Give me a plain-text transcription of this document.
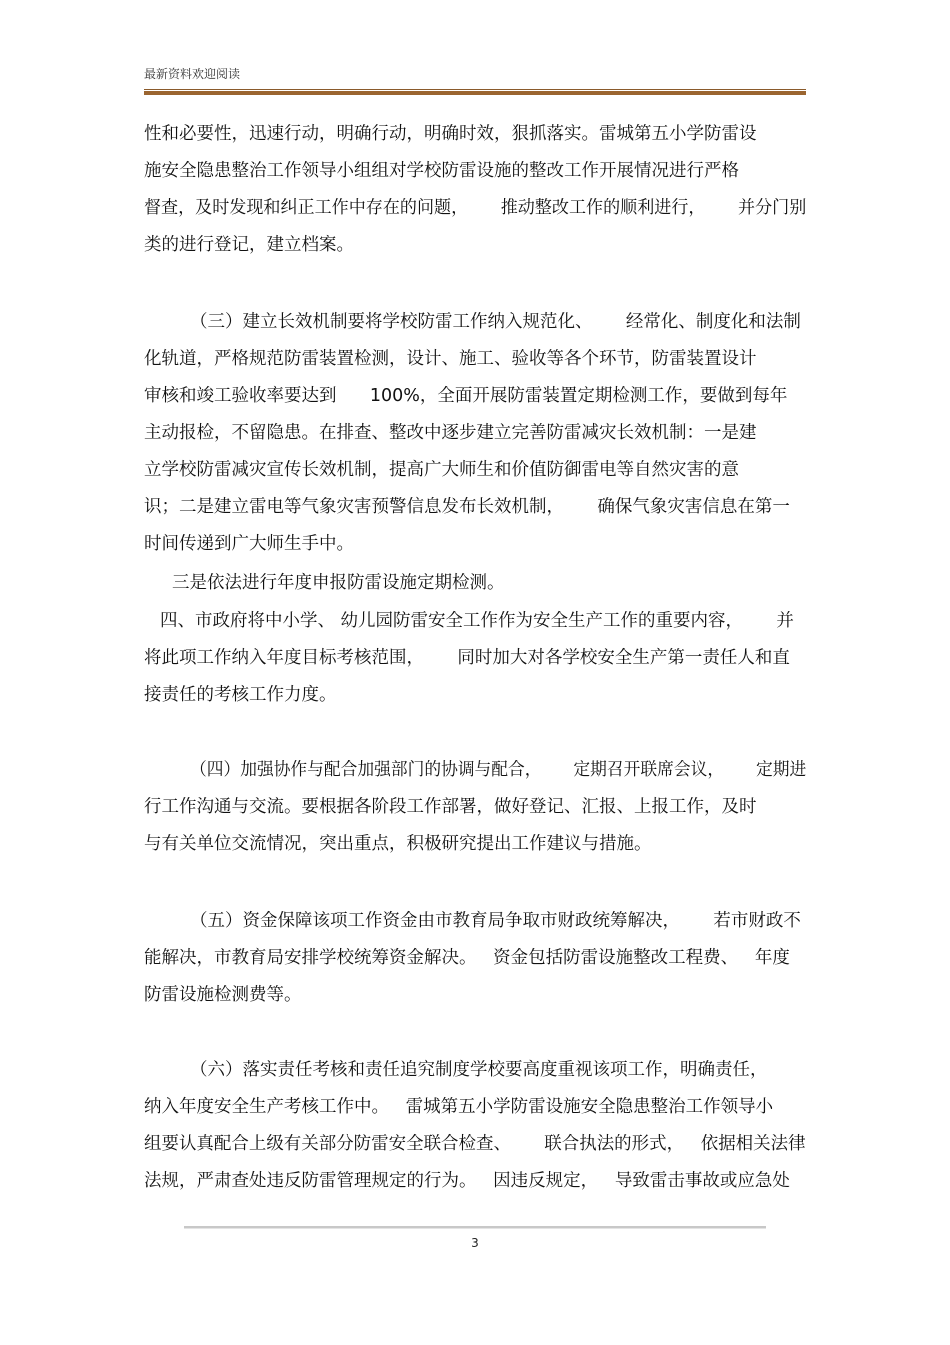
最新资料欢迎阅读
性和必要性，迅速行动，明确行动，明确时效，狠抓落实。雷城第五小学防雷设
施安全隐患整治工作领导小组组对学校防雷设施的整改工作开展情况进行严格
督查，及时发现和纠正工作中存在的问题，      推动整改工作的顺利进行，      并分门别
类的进行登记，建立档案。
（三）建立长效机制要将学校防雷工作纳入规范化、      经常化、制度化和法制
化轨道，严格规范防雷装置检测，设计、施工、验收等各个环节，防雷装置设计
审核和竣工验收率要达到      100%，全面开展防雷装置定期检测工作，要做到每年
主动报检，不留隐患。在排查、整改中逐步建立完善防雷减灾长效机制：一是建
立学校防雷减灾宣传长效机制，提高广大师生和价值防御雷电等自然灾害的意
识；二是建立雷电等气象灾害预警信息发布长效机制，      确保气象灾害信息在第一
时间传递到广大师生手中。
三是依法进行年度申报防雷设施定期检测。
四、市政府将中小学、 幼儿园防雷安全工作作为安全生产工作的重要内容，      并
将此项工作纳入年度目标考核范围，      同时加大对各学校安全生产第一责任人和直
接责任的考核工作力度。
（四）加强协作与配合加强部门的协调与配合，      定期召开联席会议，      定期进
行工作沟通与交流。要根据各阶段工作部署，做好登记、汇报、上报工作，及时
与有关单位交流情况，突出重点，积极研究提出工作建议与措施。
（五）资金保障该项工作资金由市教育局争取市财政统筹解决，      若市财政不
能解决，市教育局安排学校统筹资金解决。   资金包括防雷设施整改工程费、   年度
防雷设施检测费等。
（六）落实责任考核和责任追究制度学校要高度重视该项工作，明确责任，
纳入年度安全生产考核工作中。   雷城第五小学防雷设施安全隐患整治工作领导小
组要认真配合上级有关部分防雷安全联合检查、      联合执法的形式，   依据相关法律
法规，严肃查处违反防雷管理规定的行为。   因违反规定，   导致雷击事故或应急处
3
